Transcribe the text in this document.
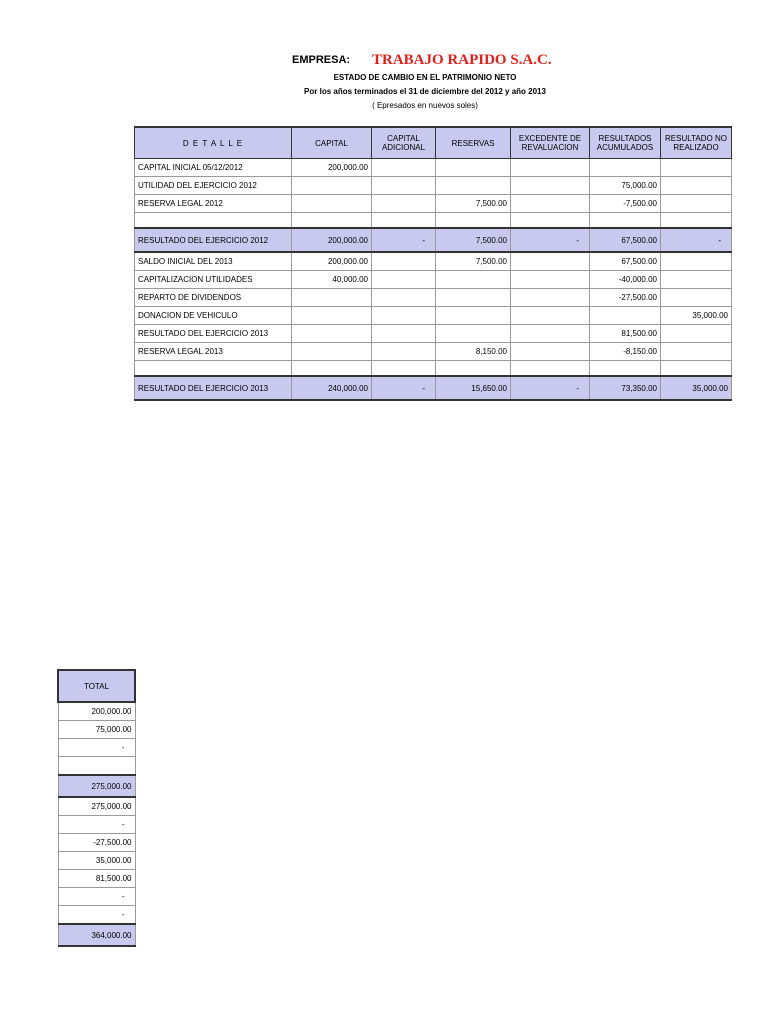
EMPRESA: TRABAJO RAPIDO S.A.C.
ESTADO DE CAMBIO EN EL PATRIMONIO NETO
Por los años terminados el 31 de diciembre del 2012 y año 2013
( Epresados en nuevos soles)
D E T A L L E	CAPITAL	CAPITAL ADICIONAL	RESERVAS	EXCEDENTE DE REVALUACION	RESULTADOS ACUMULADOS	RESULTADO NO REALIZADO
CAPITAL INICIAL 05/12/2012	200,000.00					
UTILIDAD DEL EJERCICIO 2012					75,000.00	
RESERVA LEGAL 2012			7,500.00		-7,500.00	

RESULTADO DEL EJERCICIO 2012	200,000.00	-	7,500.00	-	67,500.00	-
SALDO INICIAL DEL 2013	200,000.00		7,500.00		67,500.00	
CAPITALIZACION UTILIDADES	40,000.00				-40,000.00	
REPARTO DE DIVIDENDOS					-27,500.00	
DONACION DE VEHICULO						35,000.00
RESULTADO DEL EJERCICIO 2013					81,500.00	
RESERVA LEGAL 2013			8,150.00		-8,150.00	

RESULTADO DEL EJERCICIO 2013	240,000.00	-	15,650.00	-	73,350.00	35,000.00
TOTAL
200,000.00
75,000.00
-

275,000.00
275,000.00
-
-27,500.00
35,000.00
81,500.00
-
-
364,000.00
